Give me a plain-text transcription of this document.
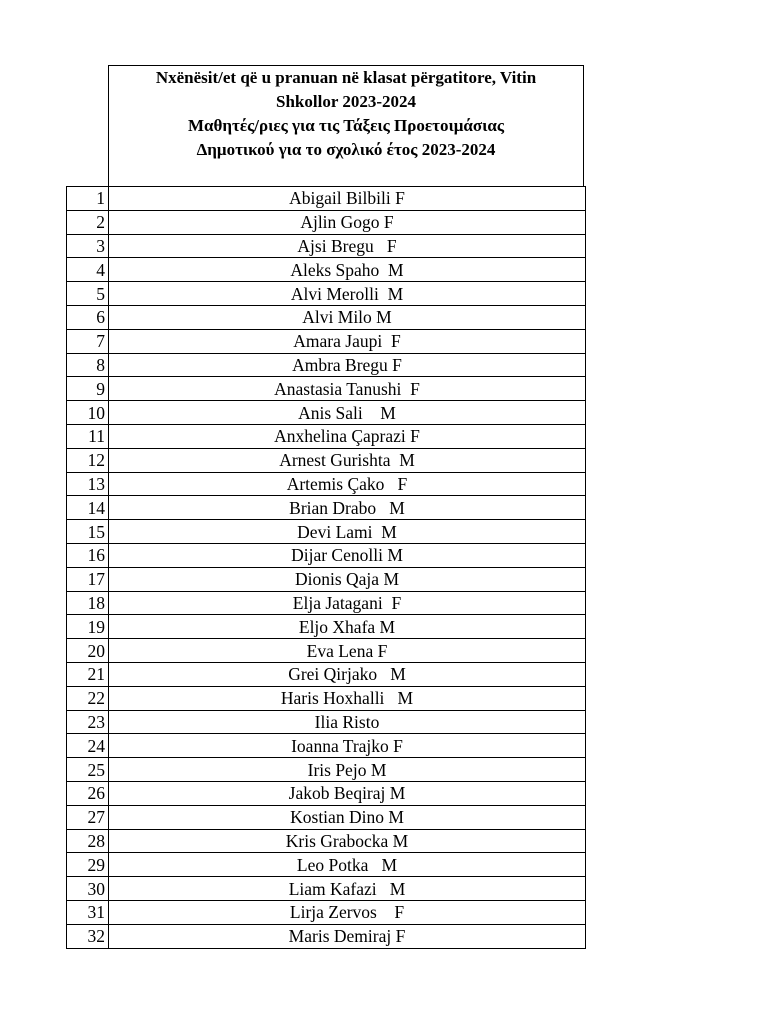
Nxënësit/et që u pranuan në klasat përgatitore, Vitin
Shkollor 2023-2024
Μαθητές/ριες για τις Τάξεις Προετοιμάσιας
Δημοτικού για το σχολικό έτος 2023-2024
1	Abigail Bilbili F
2	Ajlin Gogo F
3	Ajsi Bregu   F
4	Aleks Spaho  M
5	Alvi Merolli  M
6	Alvi Milo M
7	Amara Jaupi  F
8	Ambra Bregu F
9	Anastasia Tanushi  F
10	Anis Sali    M
11	Anxhelina Çaprazi F
12	Arnest Gurishta  M
13	Artemis Çako   F
14	Brian Drabo   M
15	Devi Lami  M
16	Dijar Cenolli M
17	Dionis Qaja M
18	Elja Jatagani  F
19	Eljo Xhafa M
20	Eva Lena F
21	Grei Qirjako   M
22	Haris Hoxhalli   M
23	Ilia Risto
24	Ioanna Trajko F
25	Iris Pejo M
26	Jakob Beqiraj M
27	Kostian Dino M
28	Kris Grabocka M
29	Leo Potka   M
30	Liam Kafazi   M
31	Lirja Zervos    F
32	Maris Demiraj F
